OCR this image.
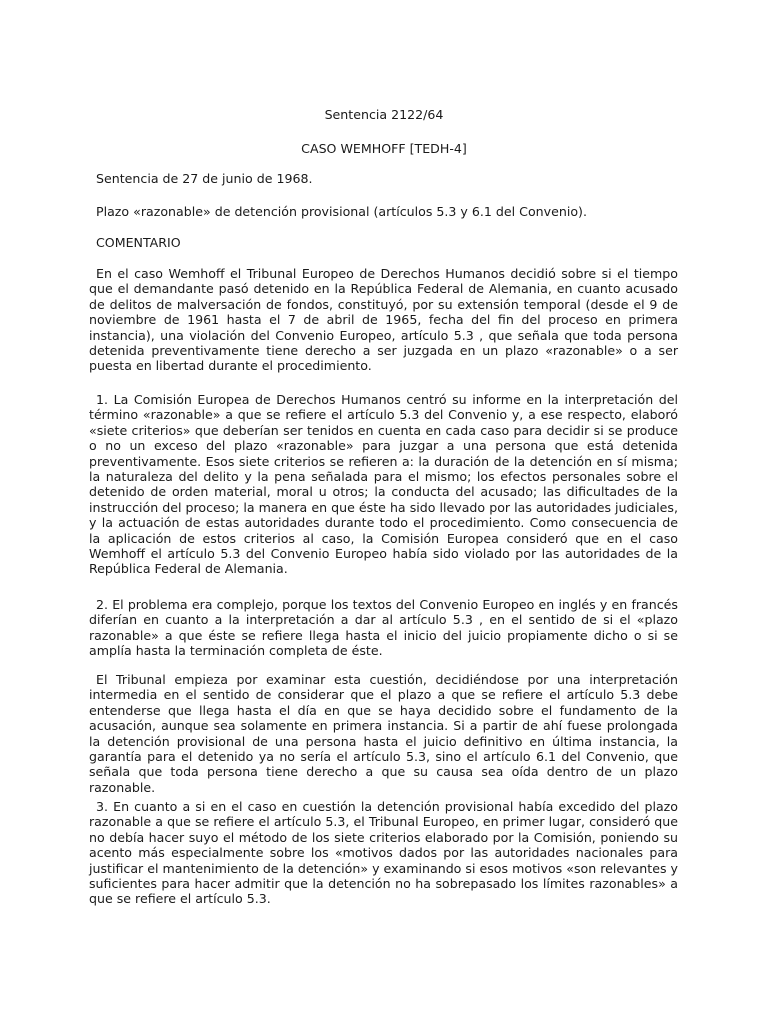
Sentencia 2122/64
CASO WEMHOFF [TEDH-4]
Sentencia de 27 de junio de 1968.
Plazo «razonable» de detención provisional (artículos 5.3 y 6.1 del Convenio).
COMENTARIO

En el caso Wemhoff el Tribunal Europeo de Derechos Humanos decidió sobre si el tiempo que el demandante pasó detenido en la República Federal de Alemania, en cuanto acusado de delitos de malversación de fondos, constituyó, por su extensión temporal (desde el 9 de noviembre de 1961 hasta el 7 de abril de 1965, fecha del fin del proceso en primera instancia), una violación del Convenio Europeo, artículo 5.3 , que señala que toda persona detenida preventivamente tiene derecho a ser juzgada en un plazo «razonable» o a ser puesta en libertad durante el procedimiento.

1. La Comisión Europea de Derechos Humanos centró su informe en la interpretación del término «razonable» a que se refiere el artículo 5.3 del Convenio y, a ese respecto, elaboró «siete criterios» que deberían ser tenidos en cuenta en cada caso para decidir si se produce o no un exceso del plazo «razonable» para juzgar a una persona que está detenida preventivamente. Esos siete criterios se refieren a: la duración de la detención en sí misma; la naturaleza del delito y la pena señalada para el mismo; los efectos personales sobre el detenido de orden material, moral u otros; la conducta del acusado; las dificultades de la instrucción del proceso; la manera en que éste ha sido llevado por las autoridades judiciales, y la actuación de estas autoridades durante todo el procedimiento. Como consecuencia de la aplicación de estos criterios al caso, la Comisión Europea consideró que en el caso Wemhoff el artículo 5.3 del Convenio Europeo había sido violado por las autoridades de la República Federal de Alemania.

2. El problema era complejo, porque los textos del Convenio Europeo en inglés y en francés diferían en cuanto a la interpretación a dar al artículo 5.3 , en el sentido de si el «plazo razonable» a que éste se refiere llega hasta el inicio del juicio propiamente dicho o si se amplía hasta la terminación completa de éste.

El Tribunal empieza por examinar esta cuestión, decidiéndose por una interpretación intermedia en el sentido de considerar que el plazo a que se refiere el artículo 5.3 debe entenderse que llega hasta el día en que se haya decidido sobre el fundamento de la acusación, aunque sea solamente en primera instancia. Si a partir de ahí fuese prolongada la detención provisional de una persona hasta el juicio definitivo en última instancia, la garantía para el detenido ya no sería el artículo 5.3, sino el artículo 6.1 del Convenio, que señala que toda persona tiene derecho a que su causa sea oída dentro de un plazo razonable.

3. En cuanto a si en el caso en cuestión la detención provisional había excedido del plazo razonable a que se refiere el artículo 5.3, el Tribunal Europeo, en primer lugar, consideró que no debía hacer suyo el método de los siete criterios elaborado por la Comisión, poniendo su acento más especialmente sobre los «motivos dados por las autoridades nacionales para justificar el mantenimiento de la detención» y examinando si esos motivos «son relevantes y suficientes para hacer admitir que la detención no ha sobrepasado los límites razonables» a que se refiere el artículo 5.3.
